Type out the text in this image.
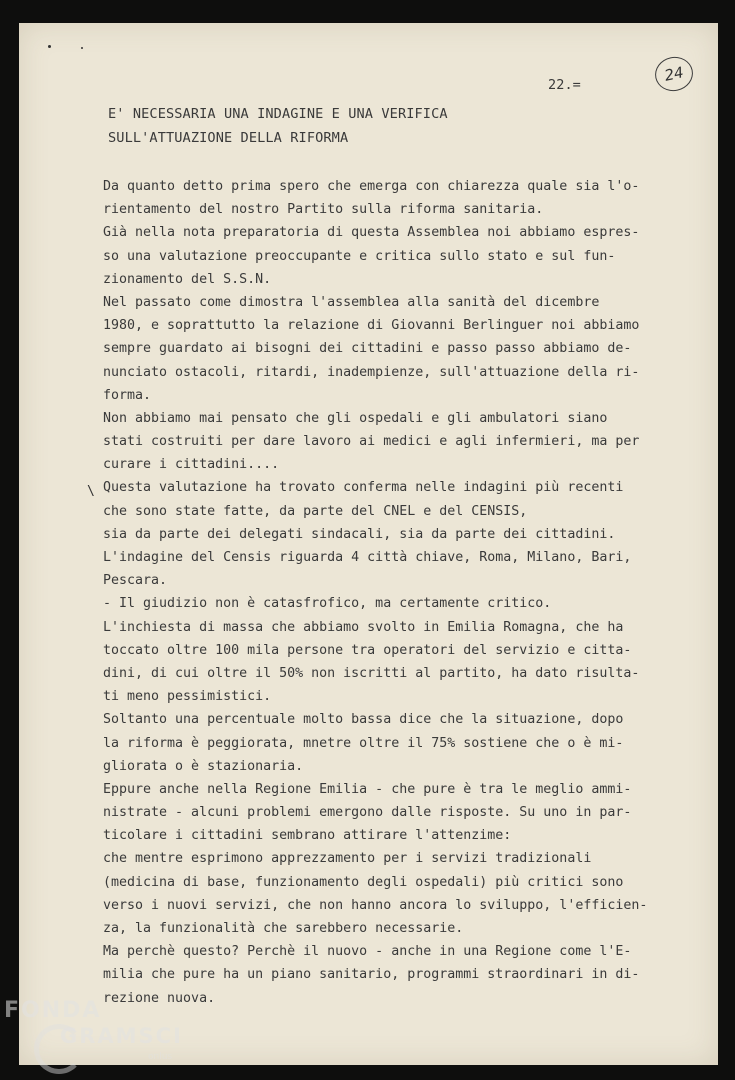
22.=
24
E' NECESSARIA UNA INDAGINE E UNA VERIFICA
SULL'ATTUAZIONE DELLA RIFORMA
\
Da quanto detto prima spero che emerga con chiarezza quale sia l'o-
rientamento del nostro Partito sulla riforma sanitaria.
Già nella nota preparatoria di questa Assemblea noi abbiamo espres-
so una valutazione preoccupante e critica sullo stato e sul fun-
zionamento del S.S.N.
Nel passato come dimostra l'assemblea alla sanità del dicembre
1980, e soprattutto la relazione di Giovanni Berlinguer noi abbiamo
sempre guardato ai bisogni dei cittadini e passo passo abbiamo de-
nunciato ostacoli, ritardi, inadempienze, sull'attuazione della ri-
forma.
Non abbiamo mai pensato che gli ospedali e gli ambulatori siano
stati costruiti per dare lavoro ai medici e agli infermieri, ma per
curare i cittadini....
Questa valutazione ha trovato conferma nelle indagini più recenti
che sono state fatte, da parte del CNEL e del CENSIS,
sia da parte dei delegati sindacali, sia da parte dei cittadini.
L'indagine del Censis riguarda 4 città chiave, Roma, Milano, Bari,
Pescara.
- Il giudizio non è catasfrofico, ma certamente critico.
L'inchiesta di massa che abbiamo svolto in Emilia Romagna, che ha
toccato oltre 100 mila persone tra operatori del servizio e citta-
dini, di cui oltre il 50% non iscritti al partito, ha dato risulta-
ti meno pessimistici.
Soltanto una percentuale molto bassa dice che la situazione, dopo
la riforma è peggiorata, mnetre oltre il 75% sostiene che o è mi-
gliorata o è stazionaria.
Eppure anche nella Regione Emilia - che pure è tra le meglio ammi-
nistrate - alcuni problemi emergono dalle risposte. Su uno in par-
ticolare i cittadini sembrano attirare l'attenzime:
che mentre esprimono apprezzamento per i servizi tradizionali
(medicina di base, funzionamento degli ospedali) più critici sono
verso i nuovi servizi, che non hanno ancora lo sviluppo, l'efficien-
za, la funzionalità che sarebbero necessarie.
Ma perchè questo? Perchè il nuovo - anche in una Regione come l'E-
milia che pure ha un piano sanitario, programmi straordinari in di-
rezione nuova.
FONDA
GRAMSCI
onlus
